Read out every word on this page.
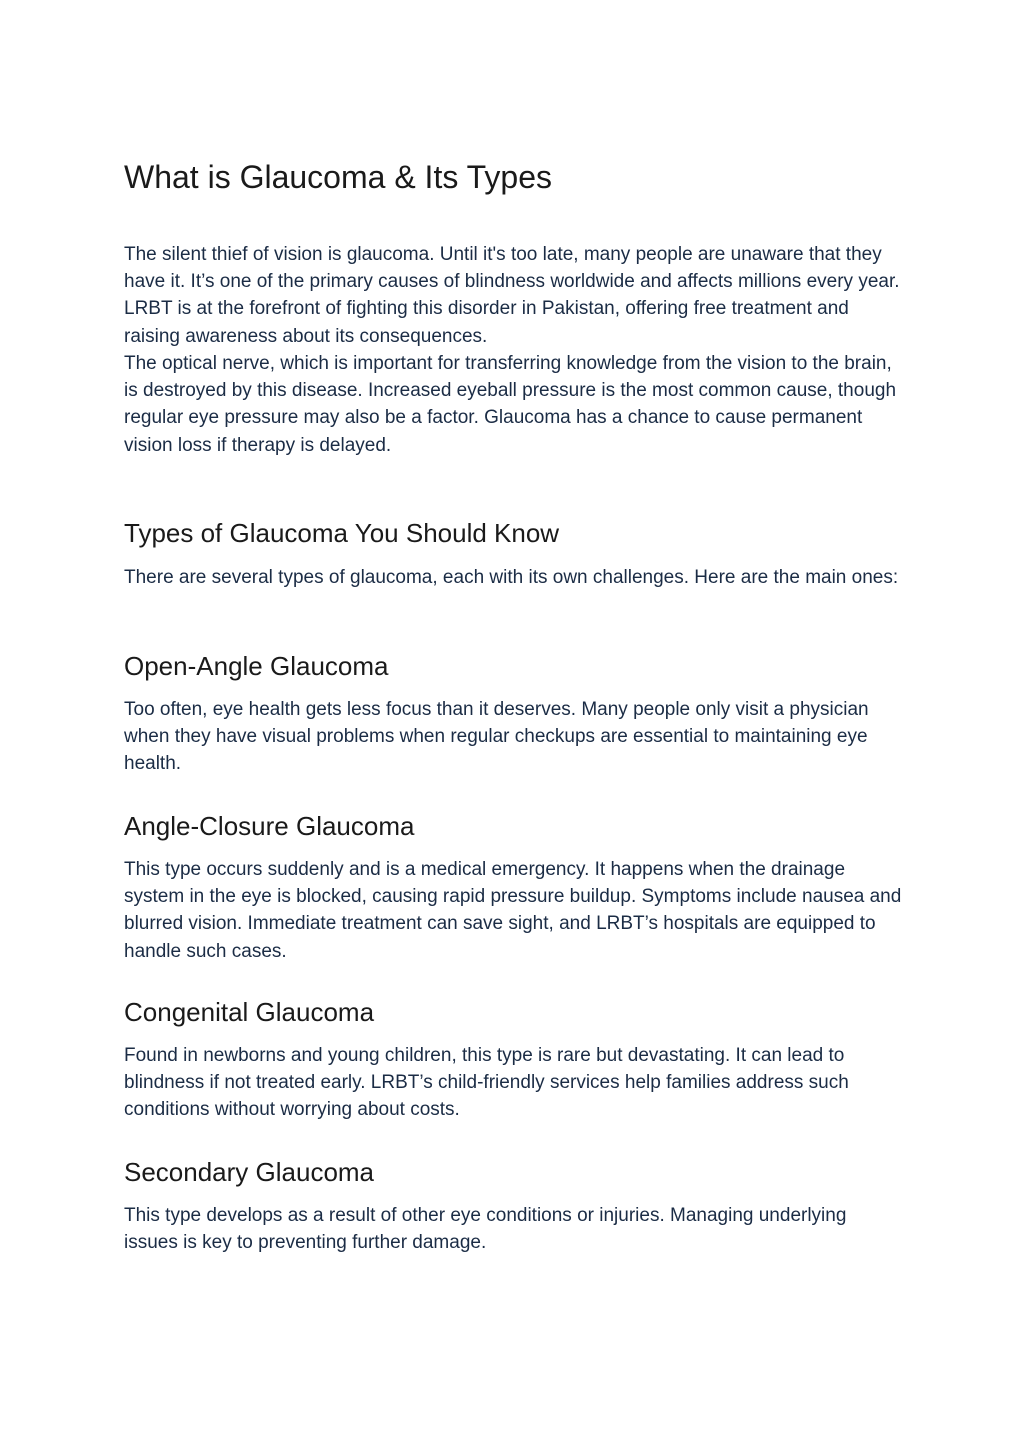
What is Glaucoma & Its Types

The silent thief of vision is glaucoma. Until it's too late, many people are unaware that they have it. It’s one of the primary causes of blindness worldwide and affects millions every year. LRBT is at the forefront of fighting this disorder in Pakistan, offering free treatment and raising awareness about its consequences.

The optical nerve, which is important for transferring knowledge from the vision to the brain, is destroyed by this disease. Increased eyeball pressure is the most common cause, though regular eye pressure may also be a factor. Glaucoma has a chance to cause permanent vision loss if therapy is delayed.

Types of Glaucoma You Should Know

There are several types of glaucoma, each with its own challenges. Here are the main ones:

Open-Angle Glaucoma

Too often, eye health gets less focus than it deserves. Many people only visit a physician when they have visual problems when regular checkups are essential to maintaining eye health.

Angle-Closure Glaucoma

This type occurs suddenly and is a medical emergency. It happens when the drainage system in the eye is blocked, causing rapid pressure buildup. Symptoms include nausea and blurred vision. Immediate treatment can save sight, and LRBT’s hospitals are equipped to handle such cases.

Congenital Glaucoma

Found in newborns and young children, this type is rare but devastating. It can lead to blindness if not treated early. LRBT’s child-friendly services help families address such conditions without worrying about costs.

Secondary Glaucoma

This type develops as a result of other eye conditions or injuries. Managing underlying issues is key to preventing further damage.
